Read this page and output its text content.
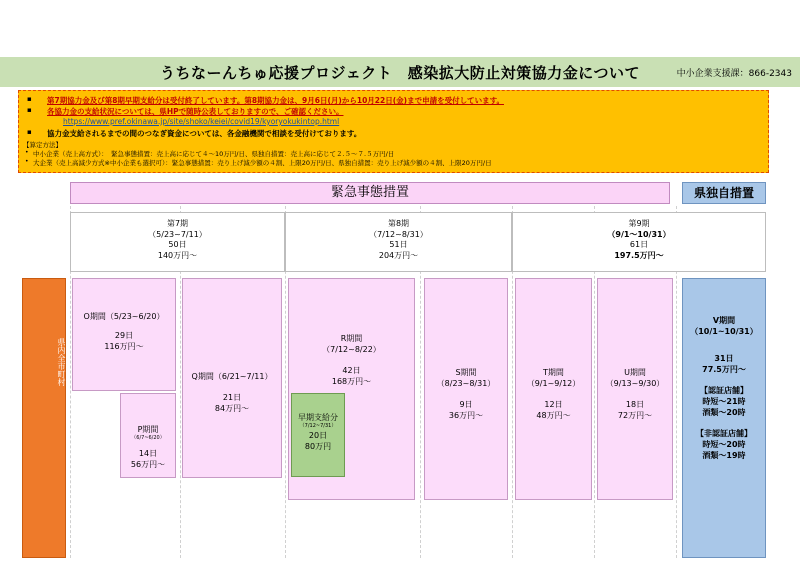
うちなーんちゅ応援プロジェクト　感染拡大防止対策協力金について	中小企業支援課：866-2343
▪ 第7期協力金及び第8期早期支給分は受付終了しています。第8期協力金は、9月6日(月)から10月22日(金)まで申請を受付しています。
▪ 各協力金の支給状況については、県HPで随時公表しておりますので、ご確認ください。
https://www.pref.okinawa.jp/site/shoko/keiei/covid19/kyoryokukintop.html
▪ 協力金支給されるまでの間のつなぎ資金については、各金融機関で相談を受付けております。
【算定方法】
• 中小企業（売上高方式）：　緊急事態措置：売上高に応じて４～10万円/日、県独自措置：売上高に応じて２.５～７.５万円/日
• 大企業（売上高減少方式※中小企業も選択可）：緊急事態措置：売り上げ減少額の４割、上限20万円/日、県独自措置：売り上げ減少額の４割、上限20万円/日
緊急事態措置	県独自措置
第7期
（5/23~7/11）
50日
140万円～
第8期
（7/12~8/31）
51日
204万円～
第9期
（9/1～10/31）
61日
197.5万円～
県内全市町村
O期間（5/23~6/20）
29日
116万円～
P期間
（6/7~6/20）
14日
56万円～
Q期間（6/21~7/11）
21日
84万円～
R期間
（7/12~8/22）
42日
168万円～
早期支給分
（7/12~7/31）
20日
80万円
S期間
（8/23~8/31）
9日
36万円～
T期間
（9/1~9/12）
12日
48万円～
U期間
（9/13~9/30）
18日
72万円～
V期間
（10/1~10/31）
31日
77.5万円～
【認証店舗】
時短～21時
酒類～20時
【非認証店舗】
時短～20時
酒類～19時
